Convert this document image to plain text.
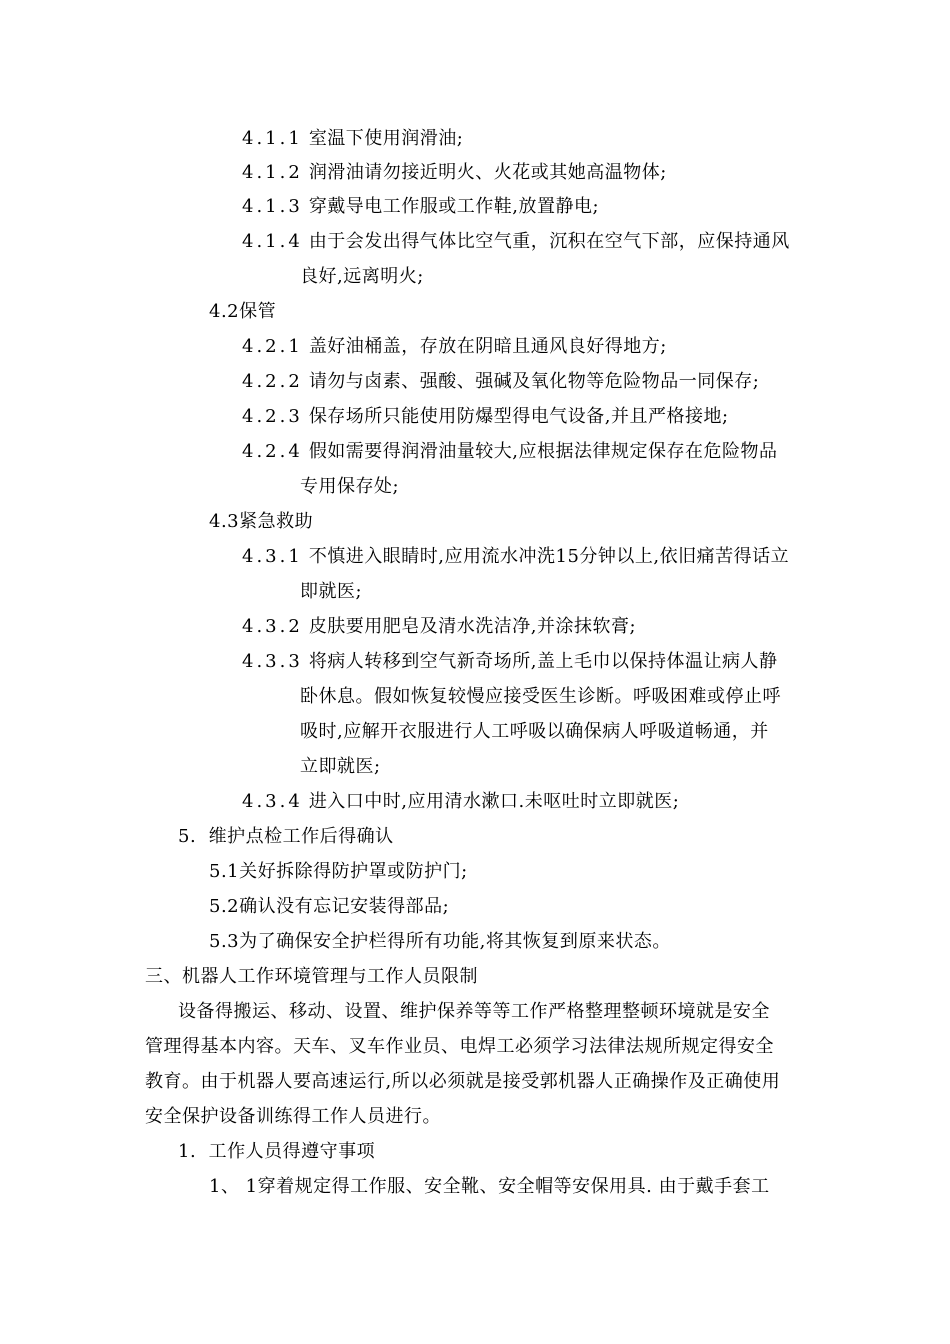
4.1.1 室温下使用润滑油;
4.1.2 润滑油请勿接近明火、火花或其她高温物体;
4.1.3 穿戴导电工作服或工作鞋,放置静电;
4.1.4 由于会发出得气体比空气重，沉积在空气下部，应保持通风
良好,远离明火;
4.2保管
4.2.1 盖好油桶盖，存放在阴暗且通风良好得地方;
4.2.2 请勿与卤素、强酸、强碱及氧化物等危险物品一同保存;
4.2.3 保存场所只能使用防爆型得电气设备,并且严格接地;
4.2.4 假如需要得润滑油量较大,应根据法律规定保存在危险物品
专用保存处;
4.3紧急救助
4.3.1 不慎进入眼睛时,应用流水冲洗15分钟以上,依旧痛苦得话立
即就医;
4.3.2 皮肤要用肥皂及清水洗洁净,并涂抹软膏;
4.3.3 将病人转移到空气新奇场所,盖上毛巾以保持体温让病人静
卧休息。假如恢复较慢应接受医生诊断。呼吸困难或停止呼
吸时,应解开衣服进行人工呼吸以确保病人呼吸道畅通，并
立即就医;
4.3.4 进入口中时,应用清水漱口.未呕吐时立即就医;
5.  维护点检工作后得确认
5.1关好拆除得防护罩或防护门;
5.2确认没有忘记安装得部品;
5.3为了确保安全护栏得所有功能,将其恢复到原来状态。
三、机器人工作环境管理与工作人员限制
设备得搬运、移动、设置、维护保养等等工作严格整理整顿环境就是安全
管理得基本内容。天车、叉车作业员、电焊工必须学习法律法规所规定得安全
教育。由于机器人要高速运行,所以必须就是接受郭机器人正确操作及正确使用
安全保护设备训练得工作人员进行。
1.  工作人员得遵守事项
1、 1穿着规定得工作服、安全靴、安全帽等安保用具. 由于戴手套工
